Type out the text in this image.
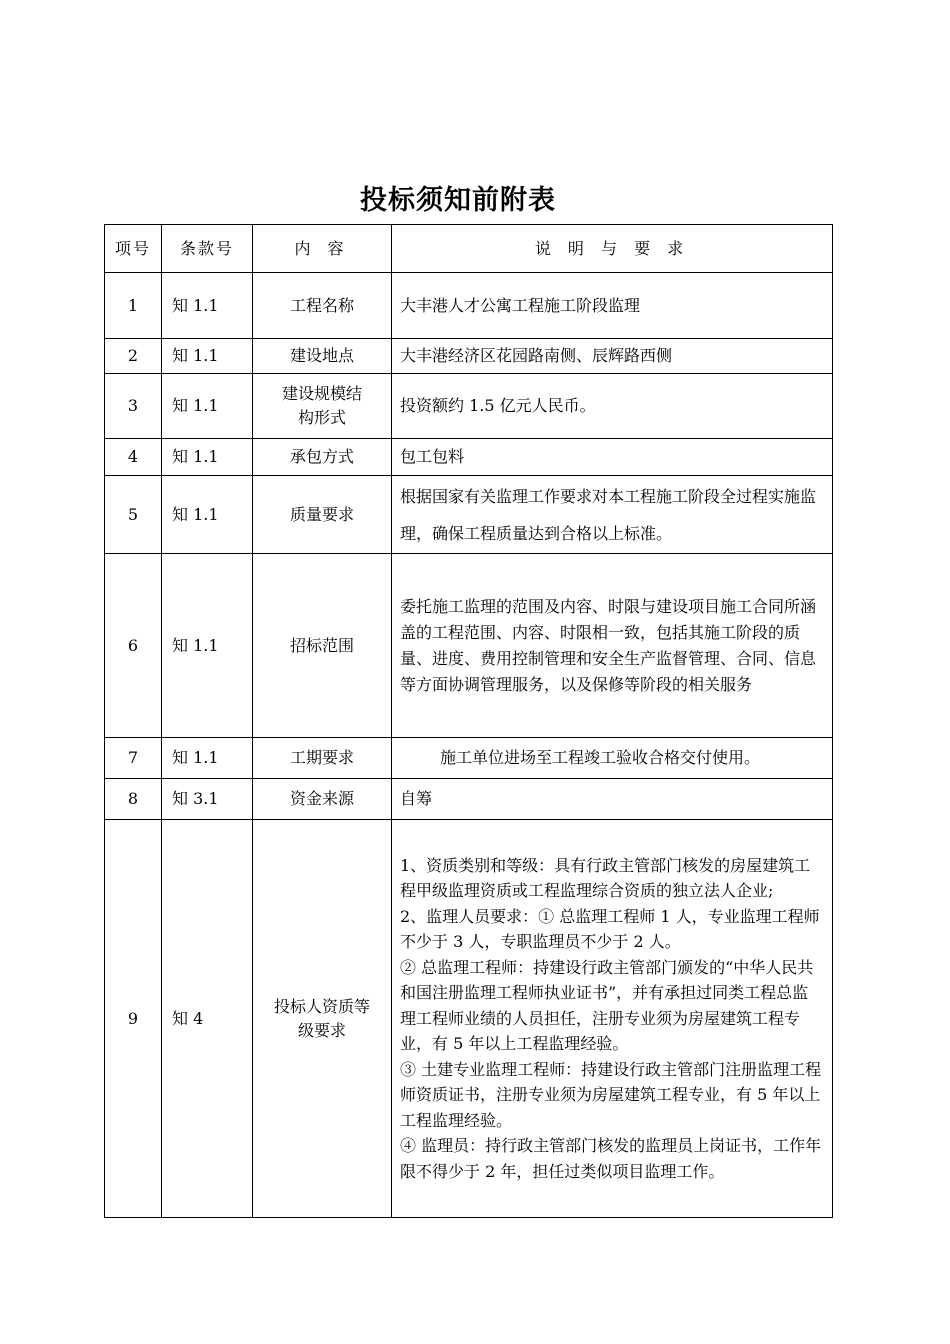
投标须知前附表
项号	条款号	内 容	说 明 与 要 求
1	知 1.1	工程名称	大丰港人才公寓工程施工阶段监理
2	知 1.1	建设地点	大丰港经济区花园路南侧、辰辉路西侧
3	知 1.1	建设规模结构形式	投资额约 1.5 亿元人民币。
4	知 1.1	承包方式	包工包料
5	知 1.1	质量要求	根据国家有关监理工作要求对本工程施工阶段全过程实施监
理，确保工程质量达到合格以上标准。

6	知 1.1	招标范围	委托施工监理的范围及内容、时限与建设项目施工合同所涵盖的工程范围、内容、时限相一致，包括其施工阶段的质量、进度、费用控制管理和安全生产监督管理、合同、信息等方面协调管理服务，以及保修等阶段的相关服务
7	知 1.1	工期要求	施工单位进场至工程竣工验收合格交付使用。
8	知 3.1	资金来源	自筹
9	知 4	投标人资质等级要求	1、资质类别和等级：具有行政主管部门核发的房屋建筑工程甲级监理资质或工程监理综合资质的独立法人企业;
2、监理人员要求：① 总监理工程师 1 人，专业监理工程师不少于 3 人，专职监理员不少于 2 人。
② 总监理工程师：持建设行政主管部门颁发的“中华人民共和国注册监理工程师执业证书”，并有承担过同类工程总监理工程师业绩的人员担任，注册专业须为房屋建筑工程专业，有 5 年以上工程监理经验。
③ 土建专业监理工程师：持建设行政主管部门注册监理工程师资质证书，注册专业须为房屋建筑工程专业，有 5 年以上工程监理经验。
④ 监理员：持行政主管部门核发的监理员上岗证书，工作年限不得少于 2 年，担任过类似项目监理工作。
